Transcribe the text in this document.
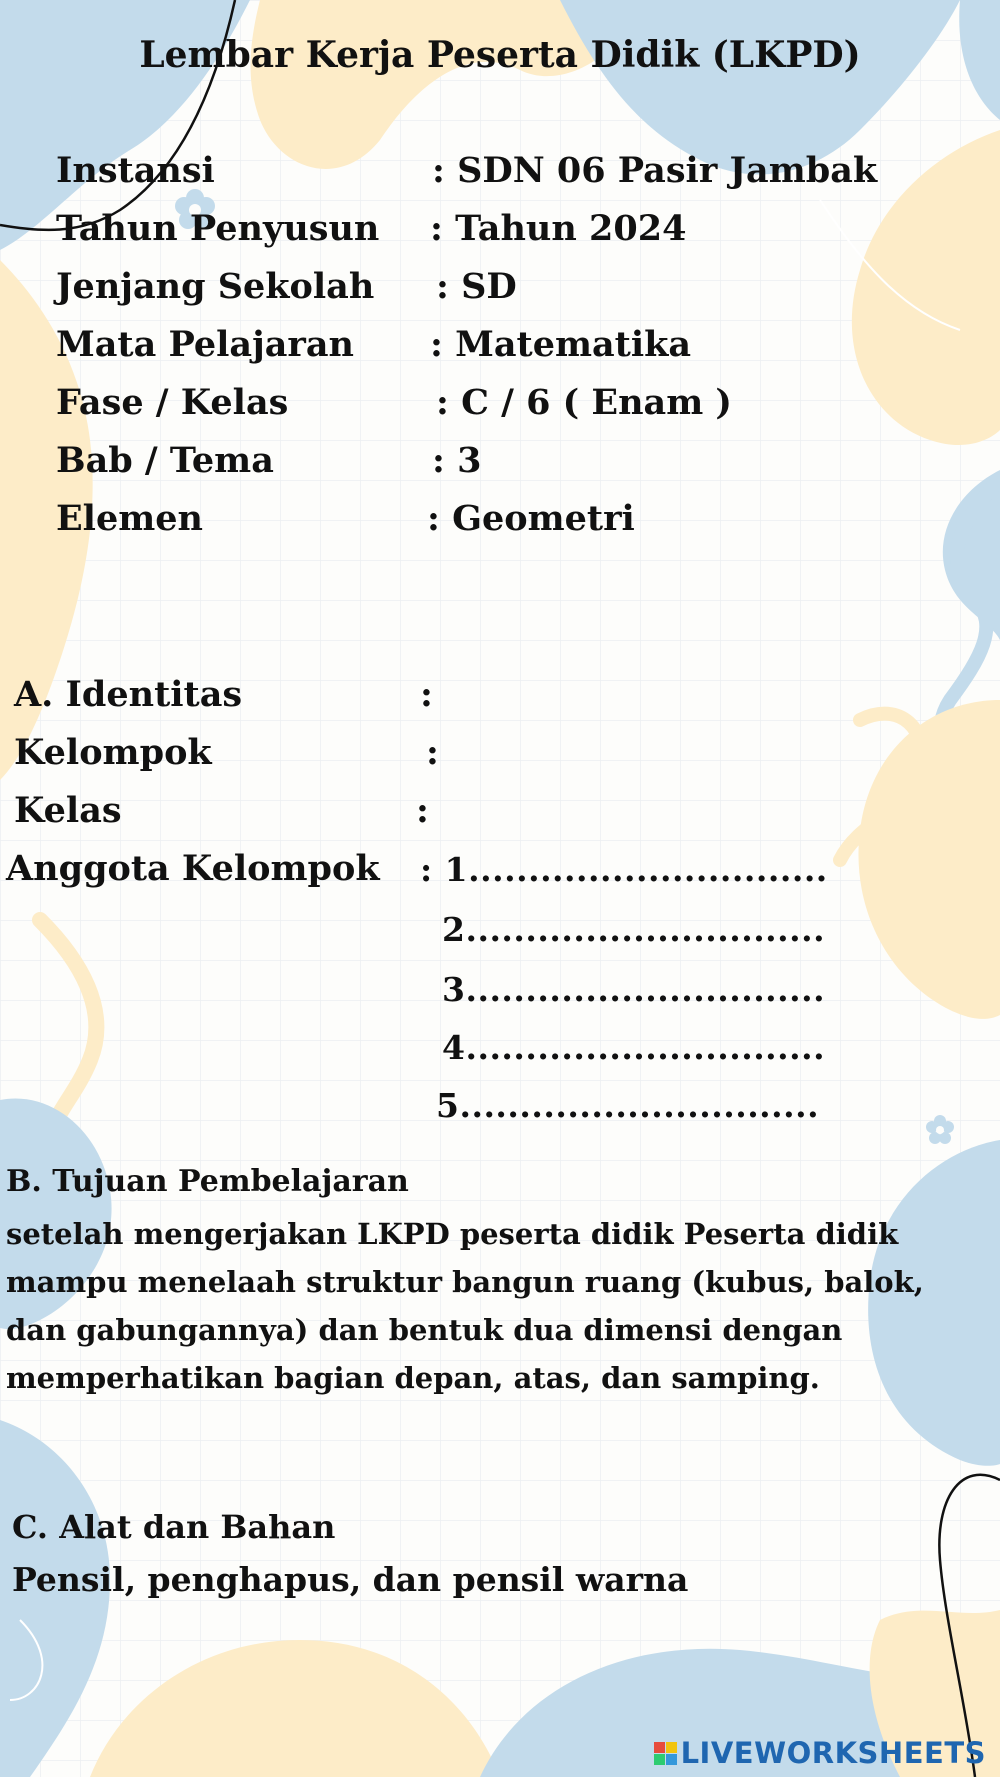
Lembar Kerja Peserta Didik (LKPD)
Instansi	: SDN 06 Pasir Jambak
Tahun Penyusun : Tahun 2024
Jenjang Sekolah : SD
Mata Pelajaran : Matematika
Fase / Kelas	: C / 6 ( Enam )
Bab / Tema	: 3
Elemen	: Geometri
A. Identitas	:
Kelompok	:
Kelas	:
Anggota Kelompok : 1..............................
2..............................
3..............................
4..............................
5..............................
B. Tujuan Pembelajaran
setelah mengerjakan LKPD peserta didik Peserta didik mampu menelaah struktur bangun ruang (kubus, balok, dan gabungannya) dan bentuk dua dimensi dengan memperhatikan bagian depan, atas, dan samping.
C. Alat dan Bahan
Pensil, penghapus, dan pensil warna
LIVEWORKSHEETS
